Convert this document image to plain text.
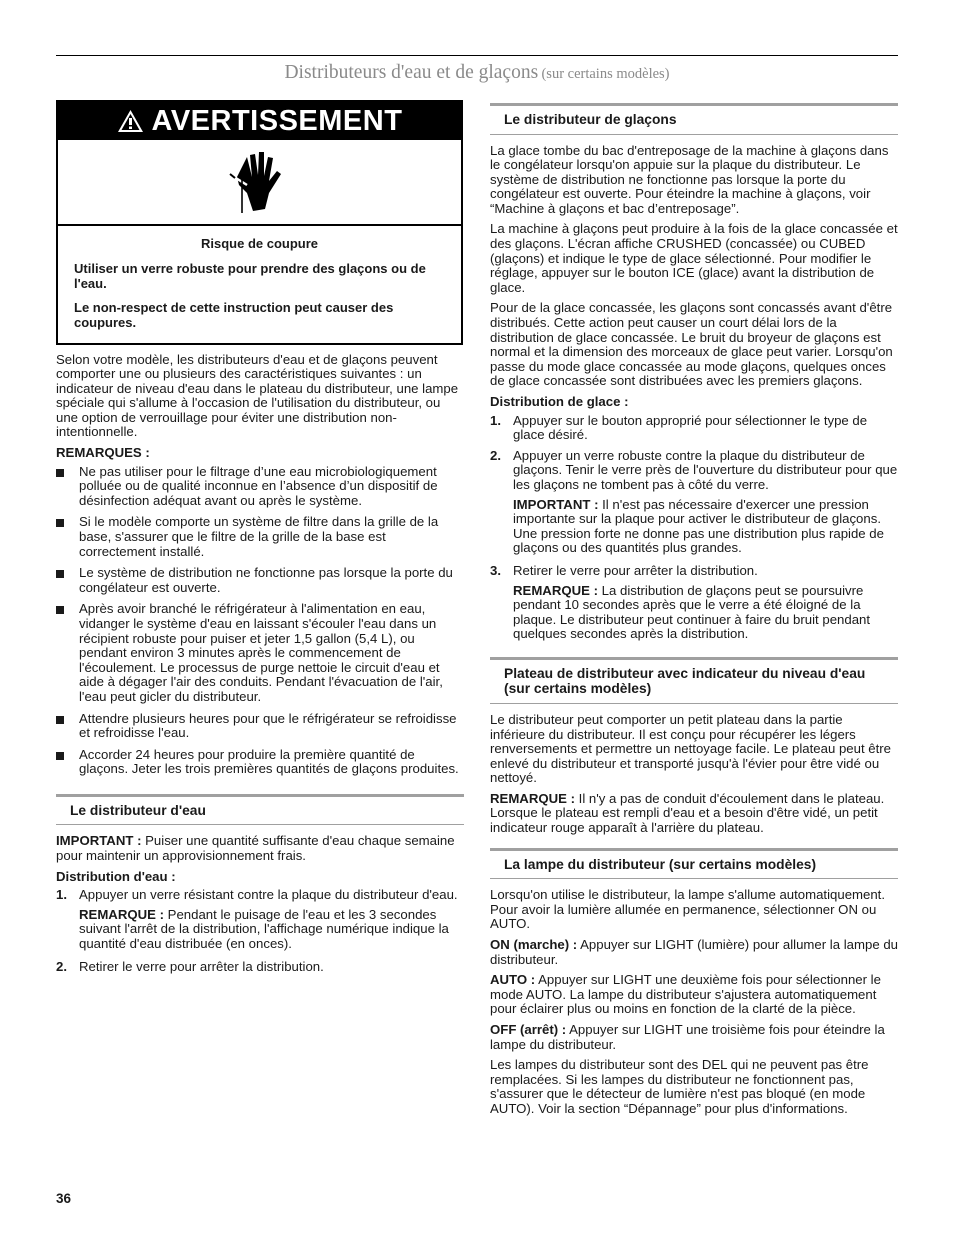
Distributeurs d'eau et de glaçons (sur certains modèles)
AVERTISSEMENT
Risque de coupure

Utiliser un verre robuste pour prendre des glaçons ou de l'eau.

Le non-respect de cette instruction peut causer des coupures.

Selon votre modèle, les distributeurs d'eau et de glaçons peuvent comporter une ou plusieurs des caractéristiques suivantes : un indicateur de niveau d'eau dans le plateau du distributeur, une lampe spéciale qui s'allume à l'occasion de l'utilisation du distributeur, ou une option de verrouillage pour éviter une distribution non-intentionnelle.

REMARQUES :
Ne pas utiliser pour le filtrage d’une eau microbiologiquement polluée ou de qualité inconnue en l’absence d’un dispositif de désinfection adéquat avant ou après le système.
Si le modèle comporte un système de filtre dans la grille de la base, s'assurer que le filtre de la grille de la base est correctement installé.
Le système de distribution ne fonctionne pas lorsque la porte du congélateur est ouverte.
Après avoir branché le réfrigérateur à l'alimentation en eau, vidanger le système d'eau en laissant s'écouler l'eau dans un récipient robuste pour puiser et jeter 1,5 gallon (5,4 L), ou pendant environ 3 minutes après le commencement de l'écoulement. Le processus de purge nettoie le circuit d'eau et aide à dégager l'air des conduits. Pendant l'évacuation de l'air, l'eau peut gicler du distributeur.
Attendre plusieurs heures pour que le réfrigérateur se refroidisse et refroidisse l'eau.
Accorder 24 heures pour produire la première quantité de glaçons. Jeter les trois premières quantités de glaçons produites.
Le distributeur d'eau

IMPORTANT : Puiser une quantité suffisante d'eau chaque semaine pour maintenir un approvisionnement frais.

Distribution d'eau :
1. Appuyer un verre résistant contre la plaque du distributeur d'eau.
REMARQUE : Pendant le puisage de l'eau et les 3 secondes suivant l'arrêt de la distribution, l'affichage numérique indique la quantité d'eau distribuée (en onces).
2. Retirer le verre pour arrêter la distribution.
Le distributeur de glaçons

La glace tombe du bac d'entreposage de la machine à glaçons dans le congélateur lorsqu'on appuie sur la plaque du distributeur. Le système de distribution ne fonctionne pas lorsque la porte du congélateur est ouverte. Pour éteindre la machine à glaçons, voir “Machine à glaçons et bac d’entreposage”.

La machine à glaçons peut produire à la fois de la glace concassée et des glaçons. L'écran affiche CRUSHED (concassée) ou CUBED (glaçons) et indique le type de glace sélectionné. Pour modifier le réglage, appuyer sur le bouton ICE (glace) avant la distribution de glace.

Pour de la glace concassée, les glaçons sont concassés avant d'être distribués. Cette action peut causer un court délai lors de la distribution de glace concassée. Le bruit du broyeur de glaçons est normal et la dimension des morceaux de glace peut varier. Lorsqu'on passe du mode glace concassée au mode glaçons, quelques onces de glace concassée sont distribuées avec les premiers glaçons.

Distribution de glace :
1. Appuyer sur le bouton approprié pour sélectionner le type de glace désiré.
2. Appuyer un verre robuste contre la plaque du distributeur de glaçons. Tenir le verre près de l'ouverture du distributeur pour que les glaçons ne tombent pas à côté du verre.
IMPORTANT : Il n'est pas nécessaire d'exercer une pression importante sur la plaque pour activer le distributeur de glaçons. Une pression forte ne donne pas une distribution plus rapide de glaçons ou des quantités plus grandes.
3. Retirer le verre pour arrêter la distribution.
REMARQUE : La distribution de glaçons peut se poursuivre pendant 10 secondes après que le verre a été éloigné de la plaque. Le distributeur peut continuer à faire du bruit pendant quelques secondes après la distribution.
Plateau de distributeur avec indicateur du niveau d'eau (sur certains modèles)

Le distributeur peut comporter un petit plateau dans la partie inférieure du distributeur. Il est conçu pour récupérer les légers renversements et permettre un nettoyage facile. Le plateau peut être enlevé du distributeur et transporté jusqu'à l'évier pour être vidé ou nettoyé.

REMARQUE : Il n'y a pas de conduit d'écoulement dans le plateau. Lorsque le plateau est rempli d'eau et a besoin d'être vidé, un petit indicateur rouge apparaît à l'arrière du plateau.

La lampe du distributeur (sur certains modèles)

Lorsqu'on utilise le distributeur, la lampe s'allume automatiquement. Pour avoir la lumière allumée en permanence, sélectionner ON ou AUTO.

ON (marche) : Appuyer sur LIGHT (lumière) pour allumer la lampe du distributeur.

AUTO : Appuyer sur LIGHT une deuxième fois pour sélectionner le mode AUTO. La lampe du distributeur s'ajustera automatiquement pour éclairer plus ou moins en fonction de la clarté de la pièce.

OFF (arrêt) : Appuyer sur LIGHT une troisième fois pour éteindre la lampe du distributeur.

Les lampes du distributeur sont des DEL qui ne peuvent pas être remplacées. Si les lampes du distributeur ne fonctionnent pas, s'assurer que le détecteur de lumière n'est pas bloqué (en mode AUTO). Voir la section “Dépannage” pour plus d'informations.

36
